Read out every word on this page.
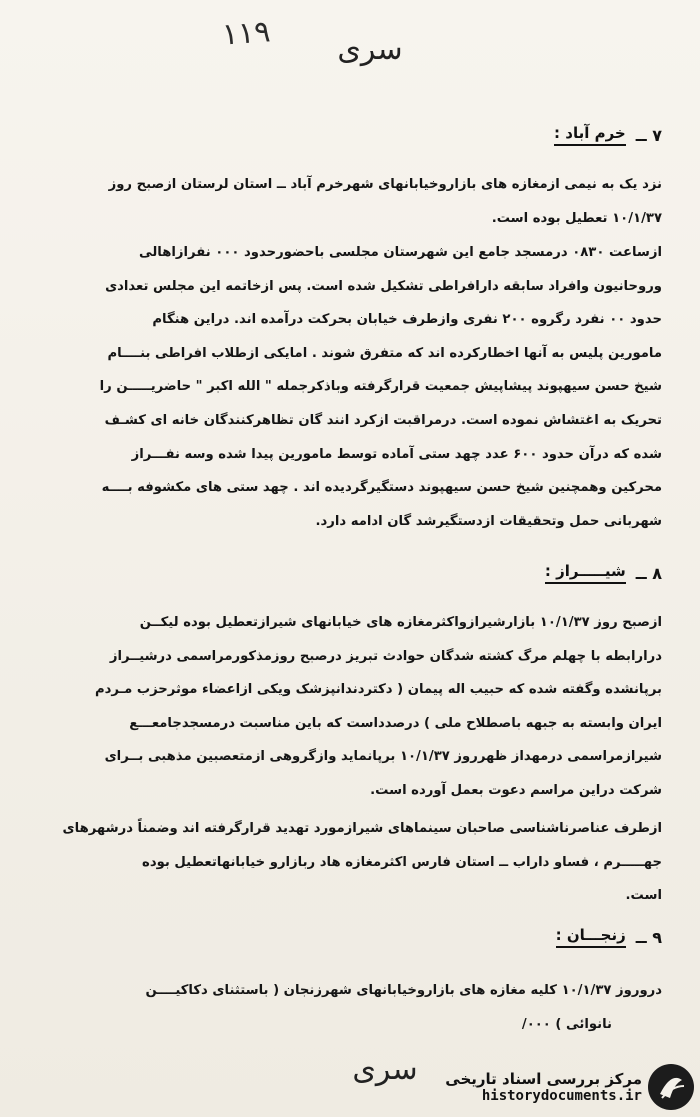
۱۱۹	سری
۷ ــ
خرم آباد :
نزد یک به نیمی ازمغازه های بازاروخیابانهای شهرخرم آباد ــ استان لرستان ازصبح روز
۱۰/۱/۳۷ تعطیل بوده است.
ازساعت ۰۸۳۰ درمسجد جامع این شهرستان مجلسی باحضورحدود ۰۰۰ نفرازاهالی
وروحانیون وافراد سابقه دارافراطی تشکیل شده است. پس ازخاتمه این مجلس تعدادی
حدود ۰۰ نفرد رگروه ۲۰۰ نفری وازطرف خیابان بحرکت درآمده اند. دراین هنگام
مامورین پلیس به آنها اخطارکرده اند که متفرق شوند . امایکی ازطلاب افراطی بنــــام
شیخ حسن سیهپوند پیشاپیش جمعیت قرارگرفته وباذکرجمله " الله اکبر " حاضریـــــن را
تحریک به اغتشاش نموده است. درمراقبت ازکرد انند گان تظاهرکنندگان خانه ای کشـف
شده که درآن حدود ۶۰۰ عدد چهد ستی آماده توسط مامورین پیدا شده وسه نفـــراز
محرکین وهمچنین شیخ حسن سیهپوند دستگیرگردیده اند . چهد ستی های مکشوفه بــــه
شهربانی حمل وتحقیقات ازدستگیرشد گان ادامه دارد.
۸ ــ
شیـــــراز :
ازصبح روز ۱۰/۱/۳۷ بازارشیرازواکثرمغازه های خیابانهای شیرازتعطیل بوده لیکــن
درارابطه با چهلم مرگ کشته شدگان حوادث تبریز درصبح روزمذکورمراسمی درشیــراز
برپانشده وگفته شده که حبیب اله پیمان ( دکتردندانپزشک ویکی ازاعضاء موثرحزب مـردم
ایران وابسته به جبهه باصطلاح ملی ) درصدداست که باین مناسبت درمسجدجامعـــع
شیرازمراسمی درمهداز ظهرروز ۱۰/۱/۳۷ برپانماید وازگروهی ازمتعصبین مذهبی بــرای
شرکت دراین مراسم دعوت بعمل آورده است.
ازطرف عناصرناشناسی صاحبان سینماهای شیرازمورد تهدید قرارگرفته اند وضمناً درشهرهای
جهـــــرم ، فساو داراب ــ استان فارس اکثرمغازه هاد ربازارو خیابانهاتعطیل بوده
است.
۹ ــ
زنجـــان :
دروروز ۱۰/۱/۳۷ کلیه مغازه های بازاروخیابانهای شهرزنجان ( باستثنای دکاکیــــن
نانوائی ) ۰۰۰/
سری	مرکز بررسی اسناد تاریخی
historydocuments.ir
